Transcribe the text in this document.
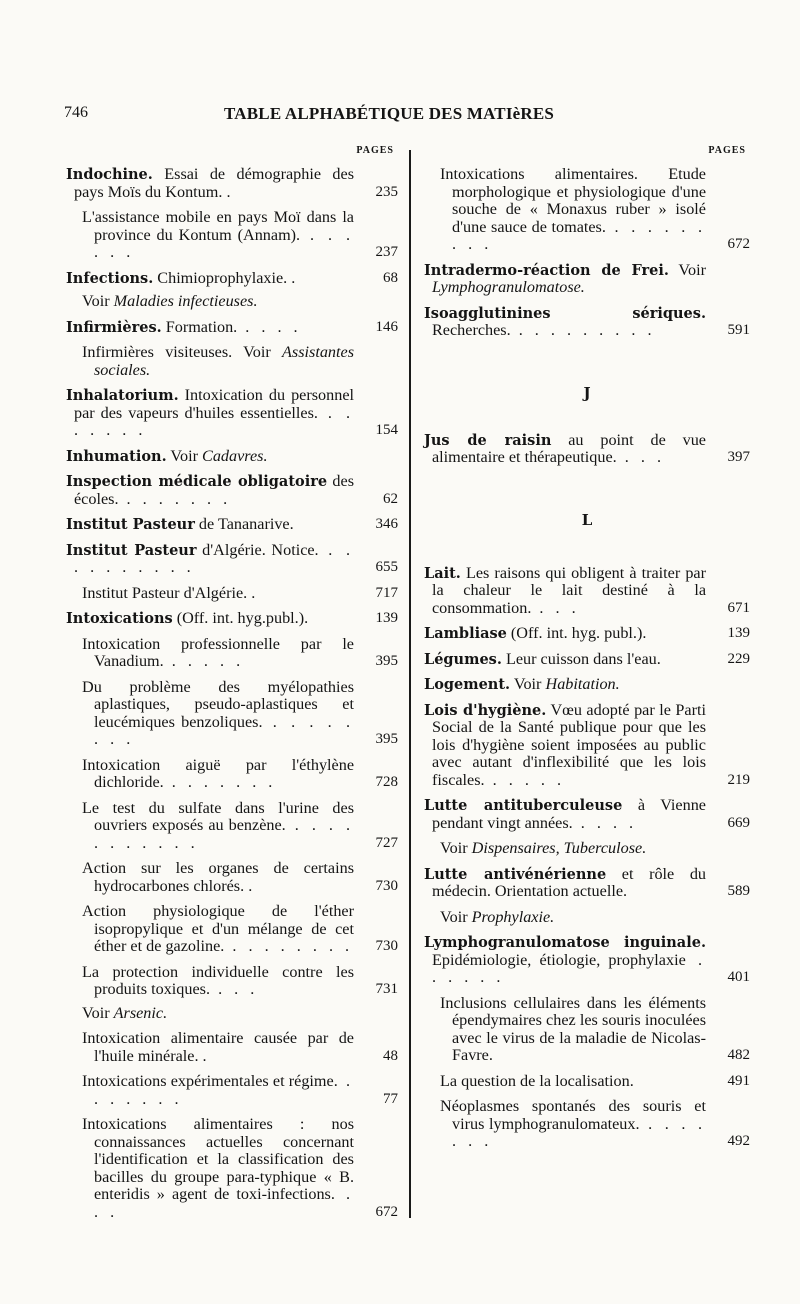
746	TABLE ALPHABÉTIQUE DES MATIèRES
PAGES
Indochine. Essai de démographie des pays Moïs du Kontum. .	235
L'assistance mobile en pays Moï dans la province du Kontum (Annam). . . . . . .	237
Infections. Chimioprophylaxie. .	68
Voir Maladies infectieuses.
Infirmières. Formation. . . . .	146
Infirmières visiteuses. Voir Assistantes sociales.
Inhalatorium. Intoxication du personnel par des vapeurs d'huiles essentielles. . . . . . . .	154
Inhumation. Voir Cadavres.
Inspection médicale obligatoire des écoles. . . . . . . .	62
Institut Pasteur de Tananarive.	346
Institut Pasteur d'Algérie. Notice. . . . . . . . . . .	655
Institut Pasteur d'Algérie. .	717
Intoxications (Off. int. hyg.publ.).	139
Intoxication professionnelle par le Vanadium. . . . . .	395
Du problème des myélopathies aplastiques, pseudo-aplastiques et leucémiques benzoliques. . . . . . . . .	395
Intoxication aiguë par l'éthylène dichloride. . . . . . . .	728
Le test du sulfate dans l'urine des ouvriers exposés au benzène. . . . . . . . . . . .	727
Action sur les organes de certains hydrocarbones chlorés. .	730
Action physiologique de l'éther isopropylique et d'un mélange de cet éther et de gazoline. . . . . . . . .	730
La protection individuelle contre les produits toxiques. . . .	731
Voir Arsenic.
Intoxication alimentaire causée par de l'huile minérale. .	48
Intoxications expérimentales et régime. . . . . . . .	77
Intoxications alimentaires : nos connaissances actuelles concernant l'identification et la classification des bacilles du groupe para-typhique « B. enteridis » agent de toxi-infections. . . .	672
PAGES
Intoxications alimentaires. Etude morphologique et physiologique d'une souche de « Monaxus ruber » isolé d'une sauce de tomates. . . . . . . . . .	672
Intradermo-réaction de Frei. Voir Lymphogranulomatose.
Isoagglutinines sériques. Recherches. . . . . . . . . .	591
J
Jus de raisin au point de vue alimentaire et thérapeutique. . . .	397
L
Lait. Les raisons qui obligent à traiter par la chaleur le lait destiné à la consommation. . . .	671
Lambliase (Off. int. hyg. publ.).	139
Légumes. Leur cuisson dans l'eau.	229
Logement. Voir Habitation.
Lois d'hygiène. Vœu adopté par le Parti Social de la Santé publique pour que les lois d'hygiène soient imposées au public avec autant d'inflexibilité que les lois fiscales. . . . . .	219
Lutte antituberculeuse à Vienne pendant vingt années. . . . .	669
Voir Dispensaires, Tuberculose.
Lutte antivénérienne et rôle du médecin. Orientation actuelle.	589
Voir Prophylaxie.
Lymphogranulomatose inguinale. Epidémiologie, étiologie, prophylaxie . . . . . .	401
Inclusions cellulaires dans les éléments épendymaires chez les souris inoculées avec le virus de la maladie de Nicolas-Favre.	482
La question de la localisation.	491
Néoplasmes spontanés des souris et virus lymphogranulomateux. . . . . . . .	492
